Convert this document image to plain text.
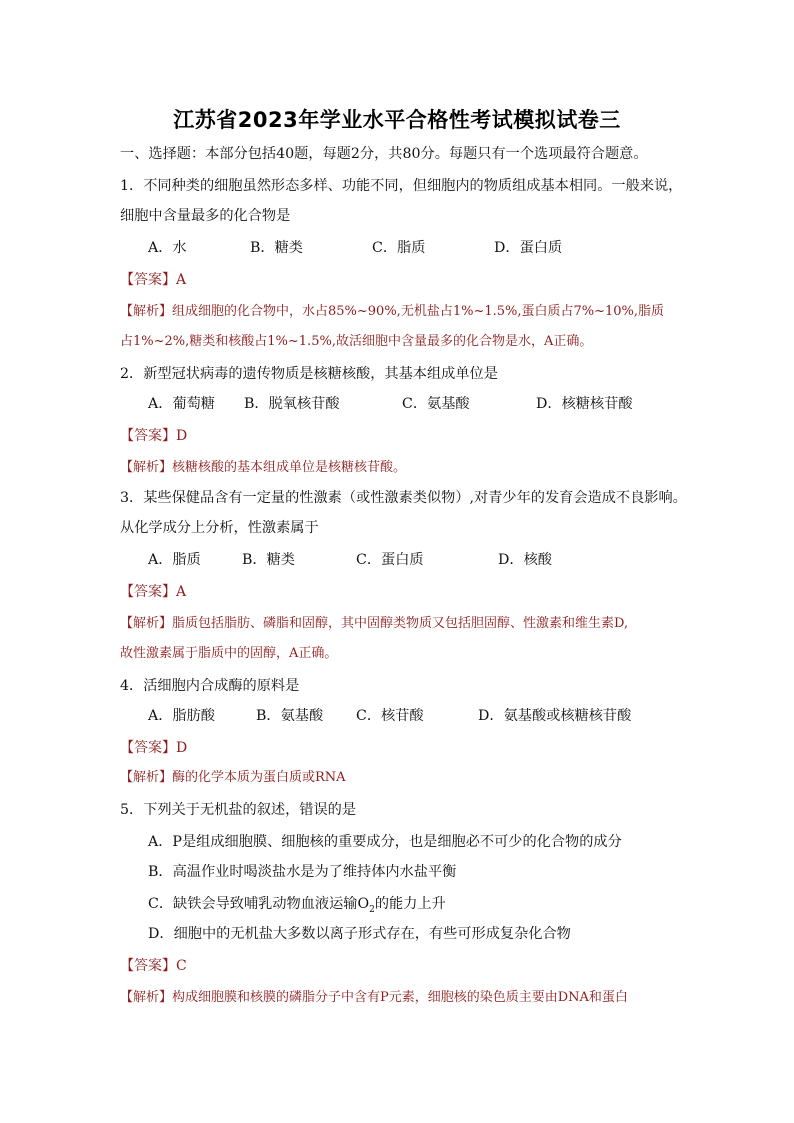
江苏省2023年学业水平合格性考试模拟试卷三
一、选择题：本部分包括40题，每题2分，共80分。每题只有一个选项最符合题意。
1．不同种类的细胞虽然形态多样、功能不同，但细胞内的物质组成基本相同。一般来说，
细胞中含量最多的化合物是
A．水	B．糖类	C．脂质	D．蛋白质
【答案】A
【解析】组成细胞的化合物中，水占85%~90%,无机盐占1%~1.5%,蛋白质占7%~10%,脂质
占1%~2%,糖类和核酸占1%~1.5%,故活细胞中含量最多的化合物是水，A正确。
2．新型冠状病毒的遗传物质是核糖核酸，其基本组成单位是
A．葡萄糖	B．脱氧核苷酸	C．氨基酸	D．核糖核苷酸
【答案】D
【解析】核糖核酸的基本组成单位是核糖核苷酸。
3．某些保健品含有一定量的性激素（或性激素类似物）,对青少年的发育会造成不良影响。
从化学成分上分析，性激素属于
A．脂质	B．糖类	C．蛋白质	D．核酸
【答案】A
【解析】脂质包括脂肪、磷脂和固醇，其中固醇类物质又包括胆固醇、性激素和维生素D,
故性激素属于脂质中的固醇，A正确。
4．活细胞内合成酶的原料是
A．脂肪酸	B．氨基酸	C．核苷酸	D．氨基酸或核糖核苷酸
【答案】D
【解析】酶的化学本质为蛋白质或RNA
5．下列关于无机盐的叙述，错误的是
A．P是组成细胞膜、细胞核的重要成分，也是细胞必不可少的化合物的成分
B．高温作业时喝淡盐水是为了维持体内水盐平衡
C．缺铁会导致哺乳动物血液运输$O_2$的能力上升
D．细胞中的无机盐大多数以离子形式存在，有些可形成复杂化合物
【答案】C
【解析】构成细胞膜和核膜的磷脂分子中含有P元素，细胞核的染色质主要由DNA和蛋白
